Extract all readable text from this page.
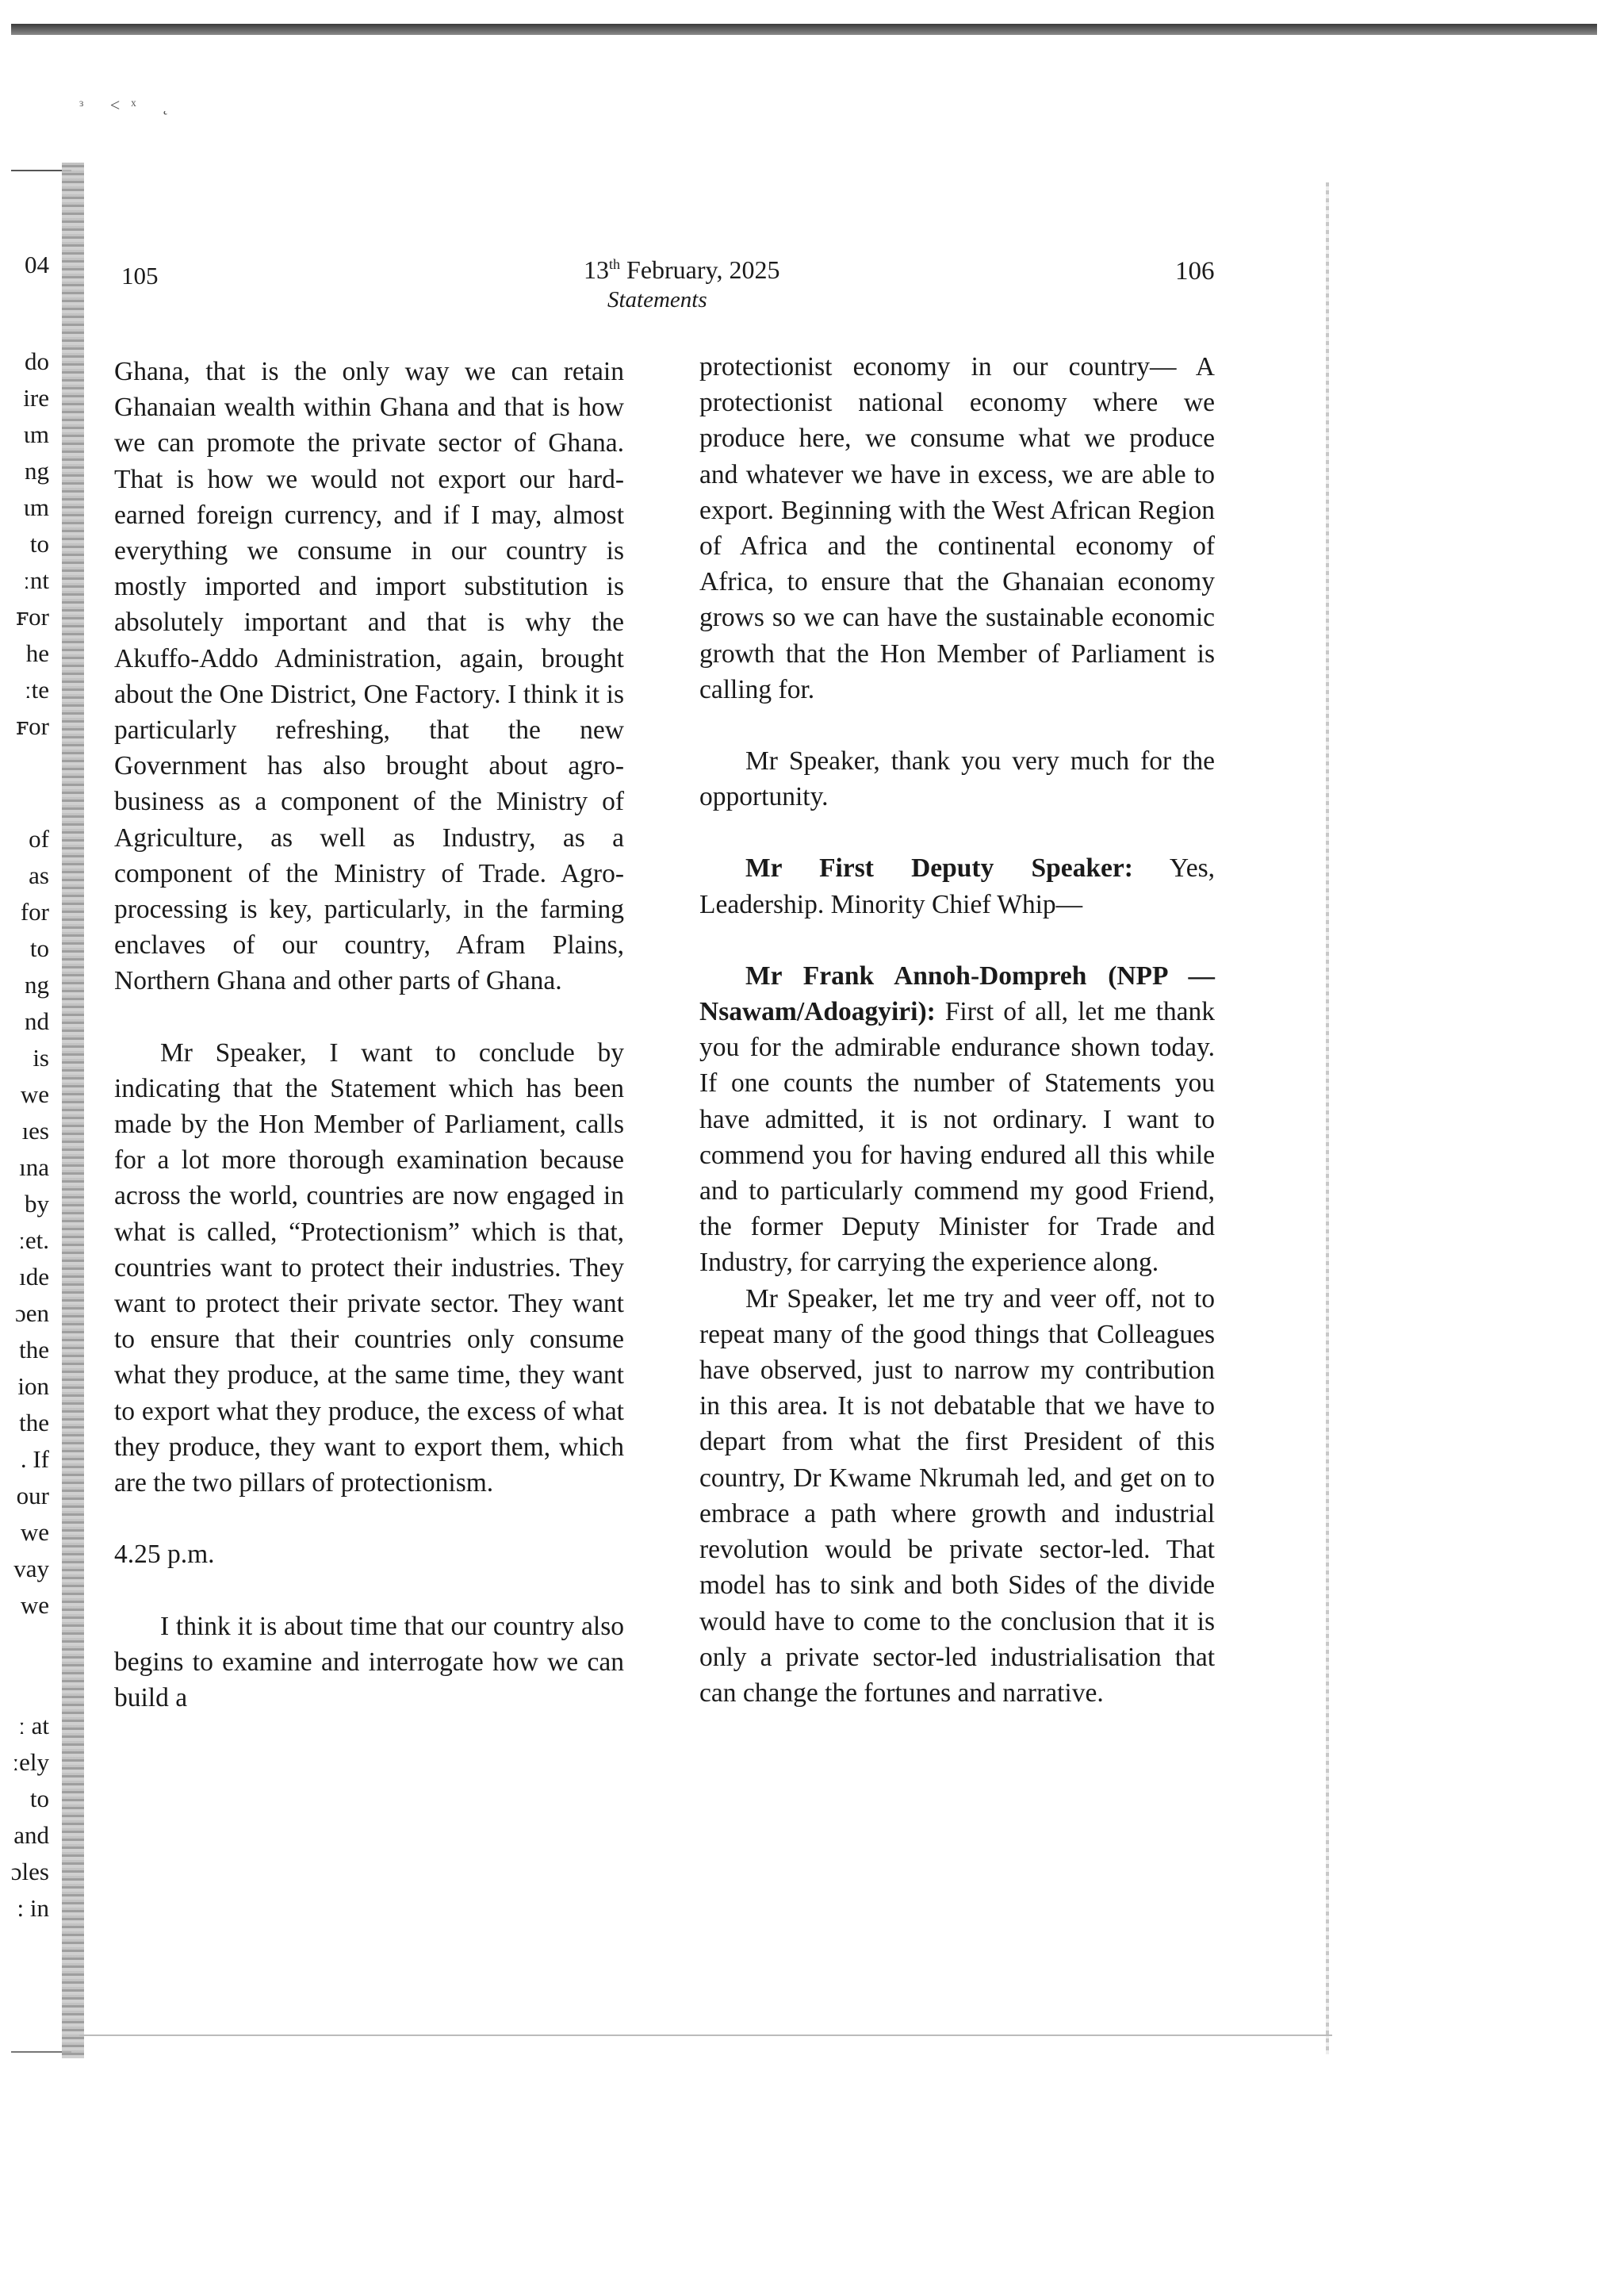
ᶟ ˂ˣ ˛
04
do
ire
ɩm
ng
ɩm
to
ːnt
ꜰor
he
ːte
ꜰor
of
as
for
to
ng
nd
is
we
ıes
ına
by
ːet.
ıde
ɔen
the
ion
the
. If
our
we
vay
we
ː at
ːely
to
and
ɔles
: in
105	13th February, 2025
Statements
106

Ghana, that is the only way we can retain Ghanaian wealth within Ghana and that is how we can promote the private sector of Ghana. That is how we would not export our hard-earned foreign currency, and if I may, almost everything we consume in our country is mostly imported and import substitution is absolutely important and that is why the Akuffo-Addo Administration, again, brought about the One District, One Factory. I think it is particularly refreshing, that the new Government has also brought about agro-business as a component of the Ministry of Agriculture, as well as Industry, as a component of the Ministry of Trade. Agro-processing is key, particularly, in the farming enclaves of our country, Afram Plains, Northern Ghana and other parts of Ghana.

Mr Speaker, I want to conclude by indicating that the Statement which has been made by the Hon Member of Parliament, calls for a lot more thorough examination because across the world, countries are now engaged in what is called, “Protectionism” which is that, countries want to protect their industries. They want to protect their private sector. They want to ensure that their countries only consume what they produce, at the same time, they want to export what they produce, the excess of what they produce, they want to export them, which are the two pillars of protectionism.

4.25 p.m.

I think it is about time that our country also begins to examine and interrogate how we can build a

protectionist economy in our country— A protectionist national economy where we produce here, we consume what we produce and whatever we have in excess, we are able to export. Beginning with the West African Region of Africa and the continental economy of Africa, to ensure that the Ghanaian economy grows so we can have the sustainable economic growth that the Hon Member of Parliament is calling for.

Mr Speaker, thank you very much for the opportunity.

Mr First Deputy Speaker: Yes, Leadership. Minority Chief Whip—

Mr Frank Annoh-Dompreh (NPP — Nsawam/Adoagyiri): First of all, let me thank you for the admirable endurance shown today. If one counts the number of Statements you have admitted, it is not ordinary. I want to commend you for having endured all this while and to particularly commend my good Friend, the former Deputy Minister for Trade and Industry, for carrying the experience along.

Mr Speaker, let me try and veer off, not to repeat many of the good things that Colleagues have observed, just to narrow my contribution in this area. It is not debatable that we have to depart from what the first President of this country, Dr Kwame Nkrumah led, and get on to embrace a path where growth and industrial revolution would be private sector-led. That model has to sink and both Sides of the divide would have to come to the conclusion that it is only a private sector-led industrialisation that can change the fortunes and narrative.
